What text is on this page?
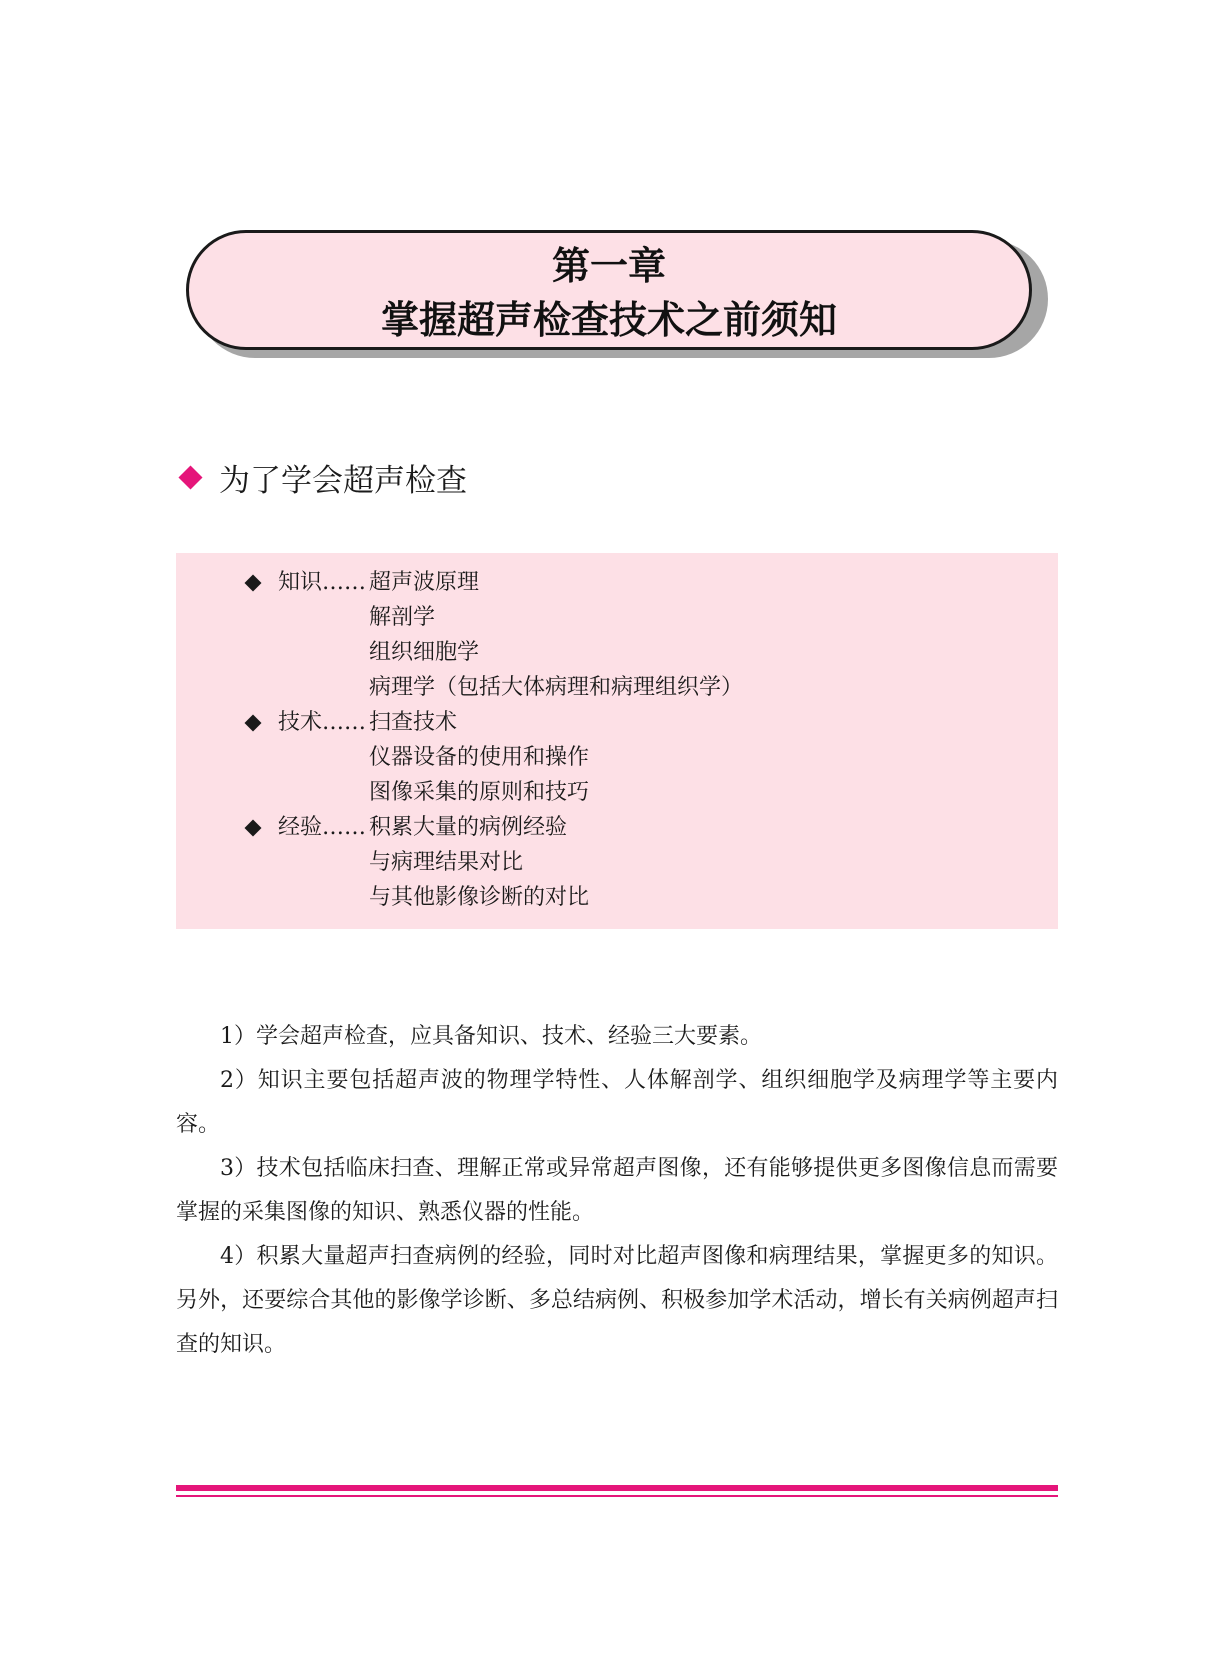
第一章
掌握超声检查技术之前须知
为了学会超声检查
知识…… 超声波原理
解剖学
组织细胞学
病理学（包括大体病理和病理组织学）
技术…… 扫查技术
仪器设备的使用和操作
图像采集的原则和技巧
经验…… 积累大量的病例经验
与病理结果对比
与其他影像诊断的对比

1）学会超声检查，应具备知识、技术、经验三大要素。

2）知识主要包括超声波的物理学特性、人体解剖学、组织细胞学及病理学等主要内容。

3）技术包括临床扫查、理解正常或异常超声图像，还有能够提供更多图像信息而需要掌握的采集图像的知识、熟悉仪器的性能。

4）积累大量超声扫查病例的经验，同时对比超声图像和病理结果，掌握更多的知识。另外，还要综合其他的影像学诊断、多总结病例、积极参加学术活动，增长有关病例超声扫查的知识。
